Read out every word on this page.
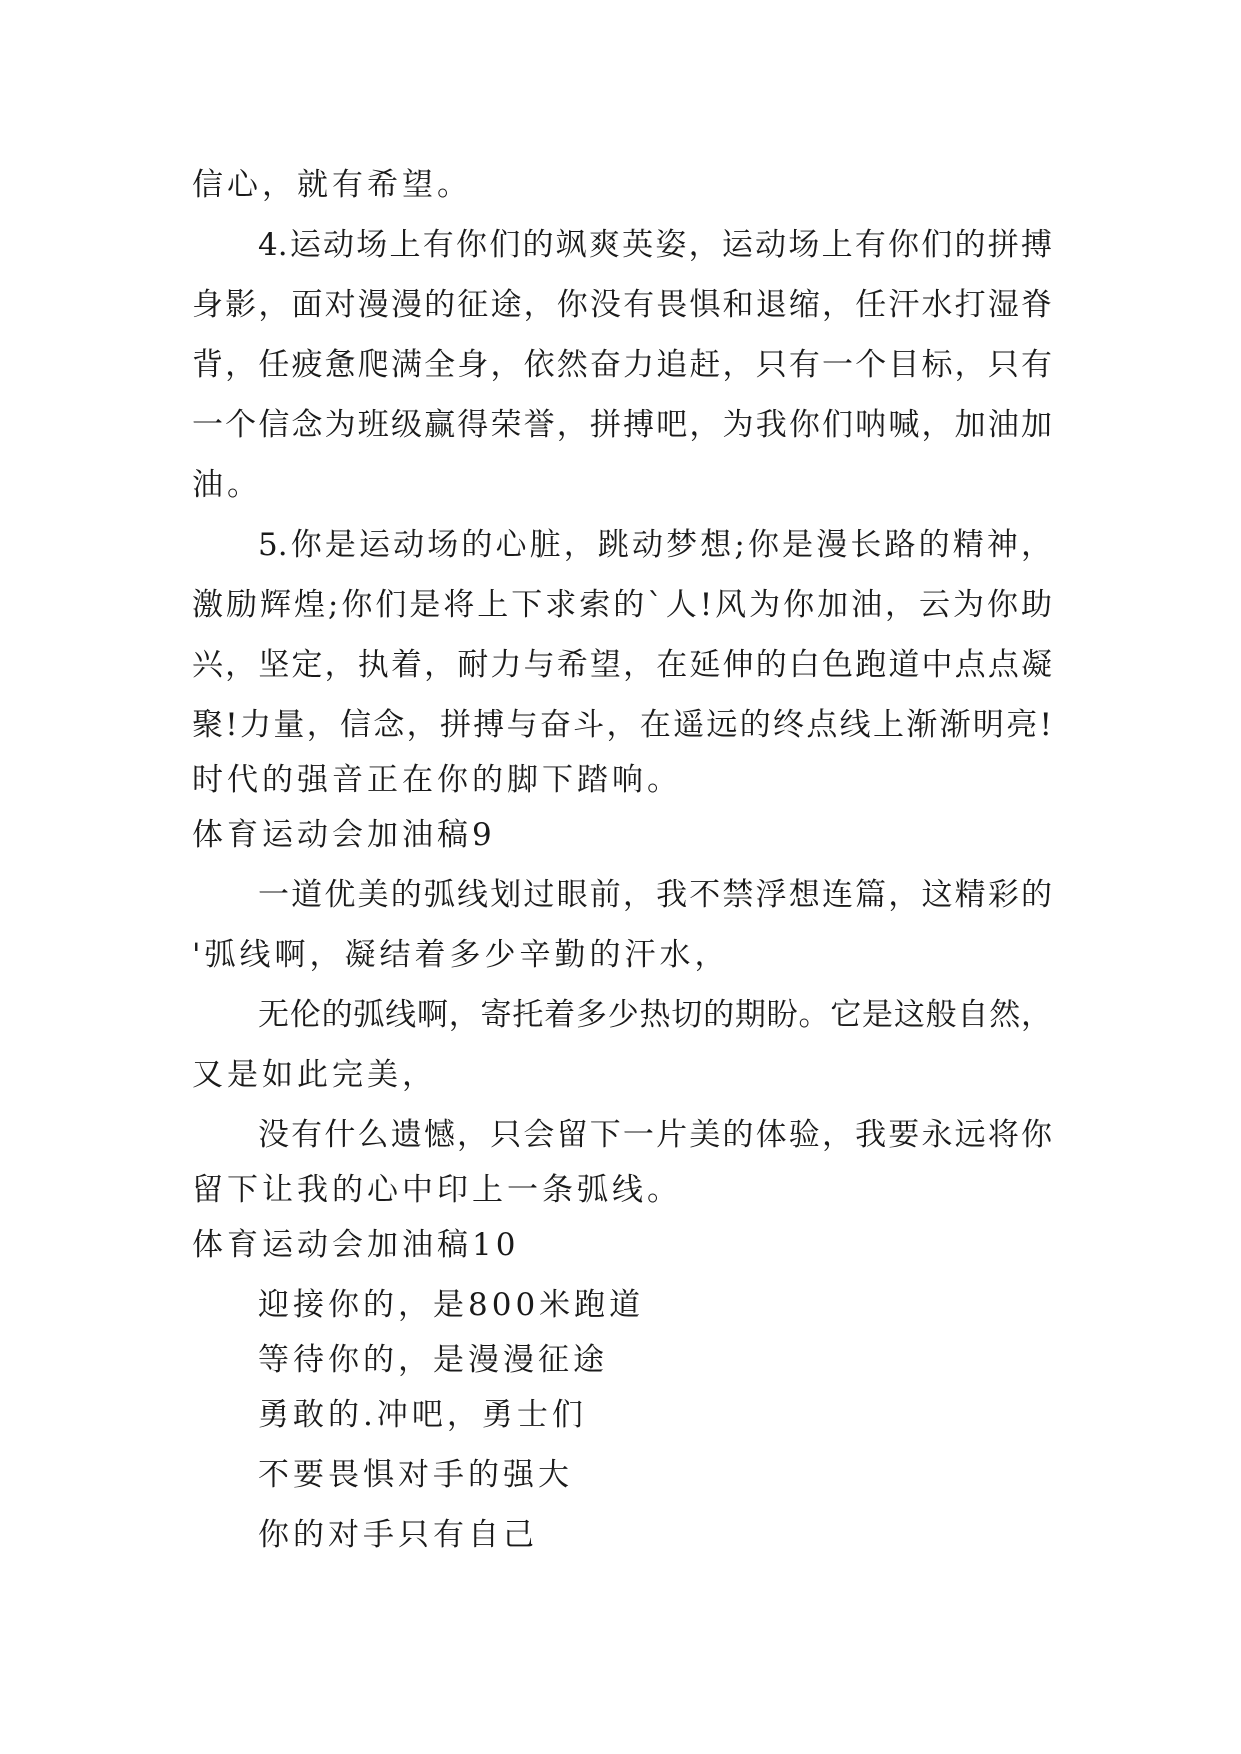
信心，就有希望。
4.运动场上有你们的飒爽英姿，运动场上有你们的拼搏
身影，面对漫漫的征途，你没有畏惧和退缩，任汗水打湿脊
背，任疲惫爬满全身，依然奋力追赶，只有一个目标，只有
一个信念为班级赢得荣誉，拼搏吧，为我你们呐喊，加油加
油。
5.你是运动场的心脏，跳动梦想;你是漫长路的精神，
激励辉煌;你们是将上下求索的`人!风为你加油，云为你助
兴，坚定，执着，耐力与希望，在延伸的白色跑道中点点凝
聚!力量，信念，拼搏与奋斗，在遥远的终点线上渐渐明亮!
时代的强音正在你的脚下踏响。
体育运动会加油稿9
一道优美的弧线划过眼前，我不禁浮想连篇，这精彩的
'弧线啊，凝结着多少辛勤的汗水，
无伦的弧线啊，寄托着多少热切的期盼。它是这般自然，
又是如此完美，
没有什么遗憾，只会留下一片美的体验，我要永远将你
留下让我的心中印上一条弧线。
体育运动会加油稿10
迎接你的，是800米跑道
等待你的，是漫漫征途
勇敢的.冲吧，勇士们
不要畏惧对手的强大
你的对手只有自己
